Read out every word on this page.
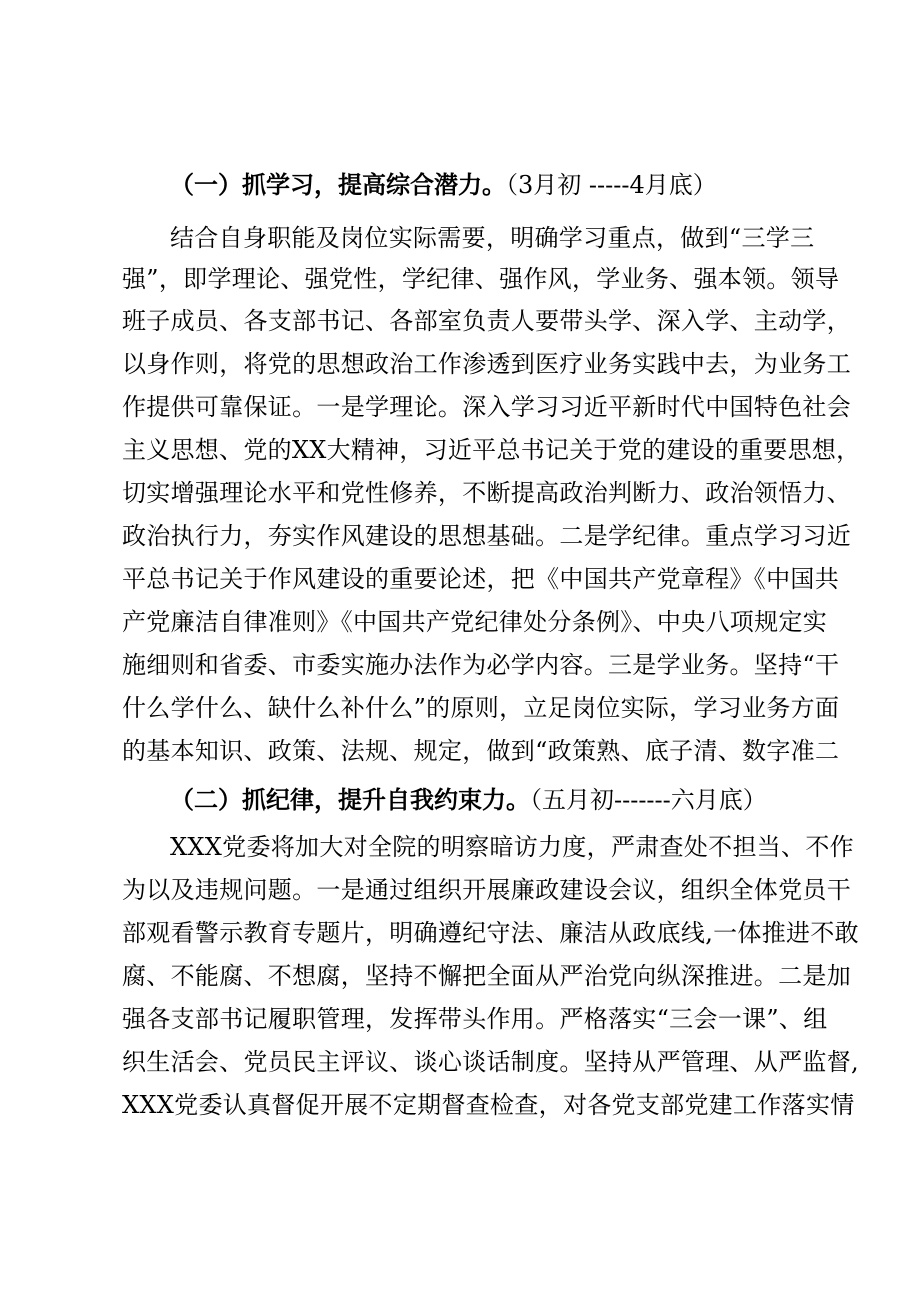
（一）抓学习，提高综合潜力。（3月初 -----4月底）
结合自身职能及岗位实际需要，明确学习重点，做到“三学三
强”，即学理论、强党性，学纪律、强作风，学业务、强本领。领导
班子成员、各支部书记、各部室负责人要带头学、深入学、主动学，
以身作则，将党的思想政治工作渗透到医疗业务实践中去，为业务工
作提供可靠保证。一是学理论。深入学习习近平新时代中国特色社会
主义思想、党的XX大精神，习近平总书记关于党的建设的重要思想，
切实增强理论水平和党性修养，不断提高政治判断力、政治领悟力、
政治执行力，夯实作风建设的思想基础。二是学纪律。重点学习习近
平总书记关于作风建设的重要论述，把《中国共产党章程》《中国共
产党廉洁自律准则》《中国共产党纪律处分条例》、中央八项规定实
施细则和省委、市委实施办法作为必学内容。三是学业务。坚持“干
什么学什么、缺什么补什么”的原则，立足岗位实际，学习业务方面
的基本知识、政策、法规、规定，做到“政策熟、底子清、数字准二
（二）抓纪律，提升自我约束力。（五月初-------六月底）
XXX党委将加大对全院的明察暗访力度，严肃查处不担当、不作
为以及违规问题。一是通过组织开展廉政建设会议，组织全体党员干
部观看警示教育专题片，明确遵纪守法、廉洁从政底线,一体推进不敢
腐、不能腐、不想腐，坚持不懈把全面从严治党向纵深推进。二是加
强各支部书记履职管理，发挥带头作用。严格落实“三会一课”、组
织生活会、党员民主评议、谈心谈话制度。坚持从严管理、从严监督,
XXX党委认真督促开展不定期督查检查，对各党支部党建工作落实情
